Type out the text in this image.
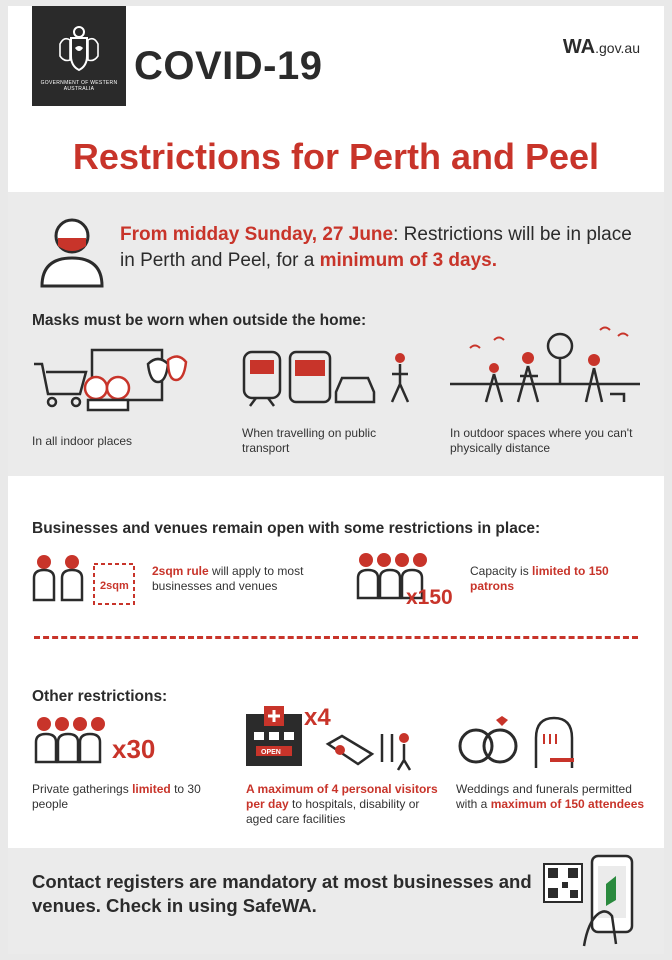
GOVERNMENT OF WESTERN AUSTRALIA
COVID-19	WA.gov.au
Restrictions for Perth and Peel
From midday Sunday, 27 June: Restrictions will be in place in Perth and Peel, for a minimum of 3 days.
Masks must be worn when outside the home:
In all indoor places
When travelling on public transport
In outdoor spaces where you can't physically distance
Businesses and venues remain open with some restrictions in place:
2sqm
2sqm rule will apply to most businesses and venues	x150
Capacity is limited to 150 patrons
Other restrictions:
x30
Private gatherings limited to 30 people
x4
OPEN
A maximum of 4 personal visitors per day to hospitals, disability or aged care facilities
Weddings and funerals permitted with a maximum of 150 attendees
Contact registers are mandatory at most businesses and venues. Check in using SafeWA.
